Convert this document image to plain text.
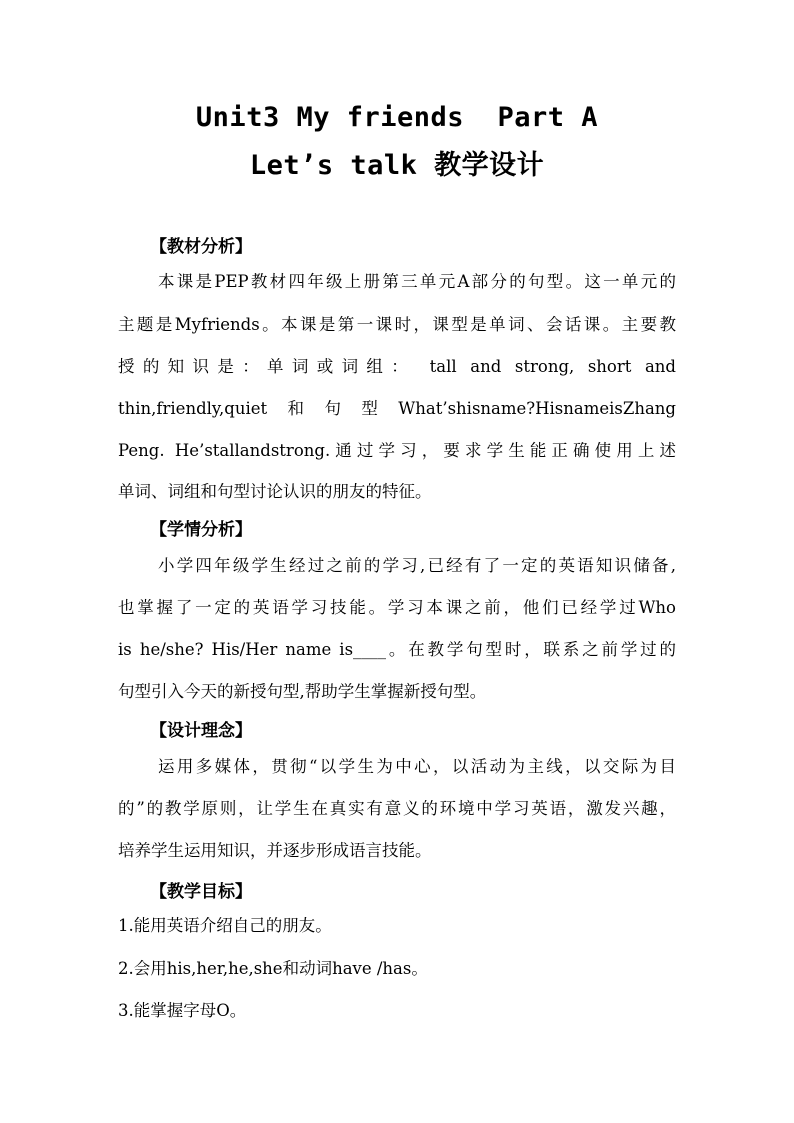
Unit3 My friends  Part A
Let’s talk 教学设计
【教材分析】
本课是PEP教材四年级上册第三单元A部分的句型。这一单元的
主题是Myfriends。本课是第一课时，课型是单词、会话课。主要教
授的知识是：单词或词组： tall and strong, short and
thin,friendly,quiet和句型What’shisname?HisnameisZhang
Peng. He’stallandstrong.通过学习，要求学生能正确使用上述
单词、词组和句型讨论认识的朋友的特征。
【学情分析】
小学四年级学生经过之前的学习,已经有了一定的英语知识储备,
也掌握了一定的英语学习技能。学习本课之前，他们已经学过Who
is he/she? His/Her name is____。在教学句型时，联系之前学过的
句型引入今天的新授句型,帮助学生掌握新授句型。
【设计理念】
运用多媒体，贯彻“以学生为中心，以活动为主线，以交际为目
的”的教学原则，让学生在真实有意义的环境中学习英语，激发兴趣，
培养学生运用知识，并逐步形成语言技能。
【教学目标】
1.能用英语介绍自己的朋友。
2.会用his,her,he,she和动词have /has。
3.能掌握字母O。
